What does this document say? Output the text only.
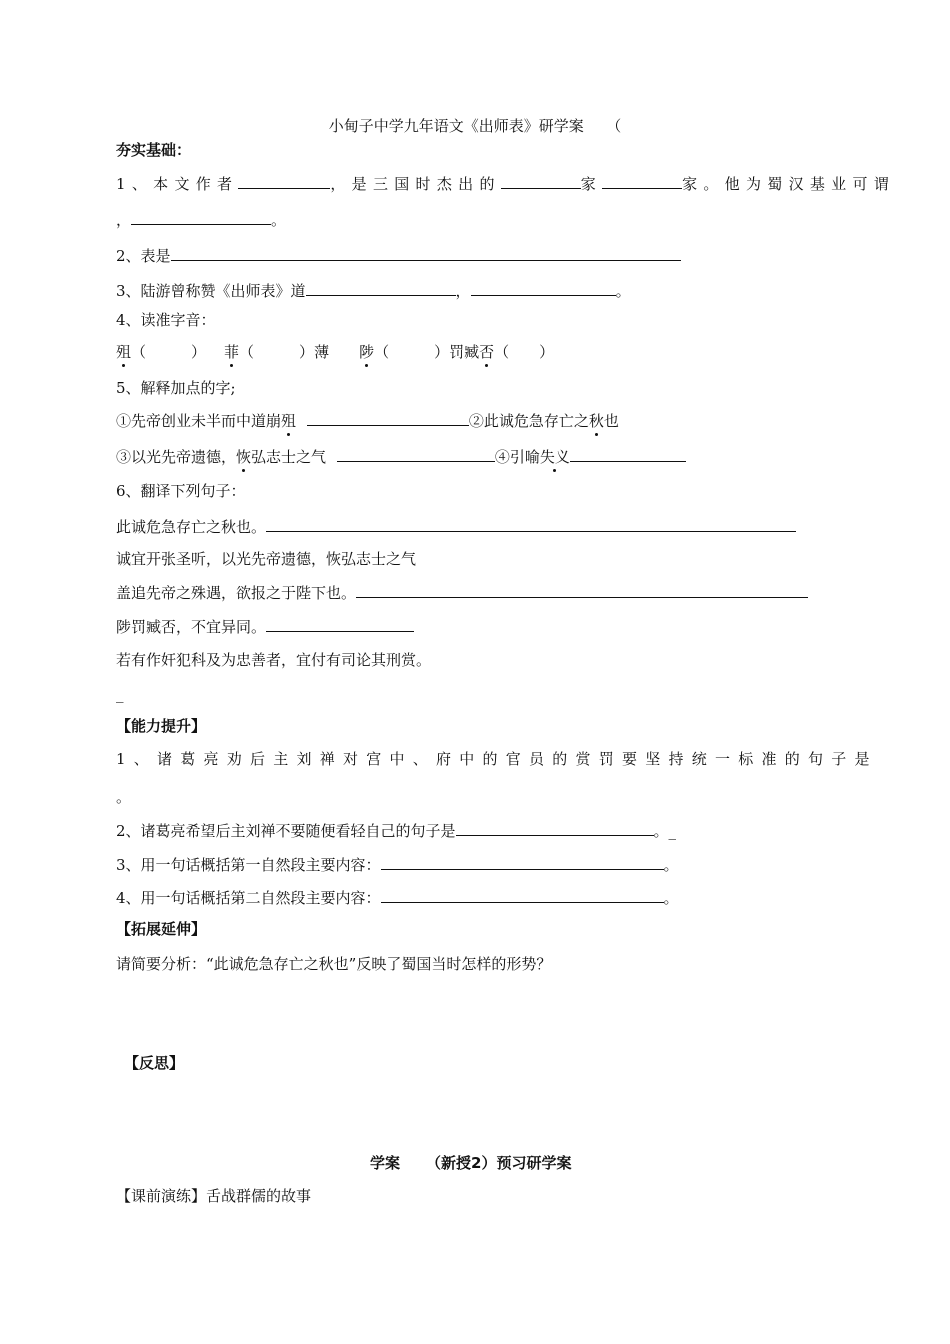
小甸子中学九年语文《出师表》研学案　　（
夯实基础：
1、本文作者	，是三国时杰出的	家	家。他为蜀汉基业可谓
，	。
2、表是
3、陆游曾称赞《出师表》道	，	。
4、读准字音：
殂（　　　） 菲（　　　）薄 陟（　　　）罚臧否（　　）
5、解释加点的字;
①先帝创业未半而中道崩殂	②此诚危急存亡之秋也
③以光先帝遗德，恢弘志士之气	④引喻失义
6、翻译下列句子：
此诚危急存亡之秋也。
诚宜开张圣听，以光先帝遗德，恢弘志士之气
盖追先帝之殊遇，欲报之于陛下也。
陟罚臧否，不宜异同。
若有作奸犯科及为忠善者，宜付有司论其刑赏。
_
【能力提升】
1、诸葛亮劝后主刘禅对宫中、府中的官员的赏罚要坚持统一标准的句子是
。
2、诸葛亮希望后主刘禅不要随便看轻自己的句子是	。_
3、用一句话概括第一自然段主要内容：	。
4、用一句话概括第二自然段主要内容：	。
【拓展延伸】
请简要分析：“此诚危急存亡之秋也”反映了蜀国当时怎样的形势？
【反思】
学案 （新授2）预习研学案
【课前演练】舌战群儒的故事
